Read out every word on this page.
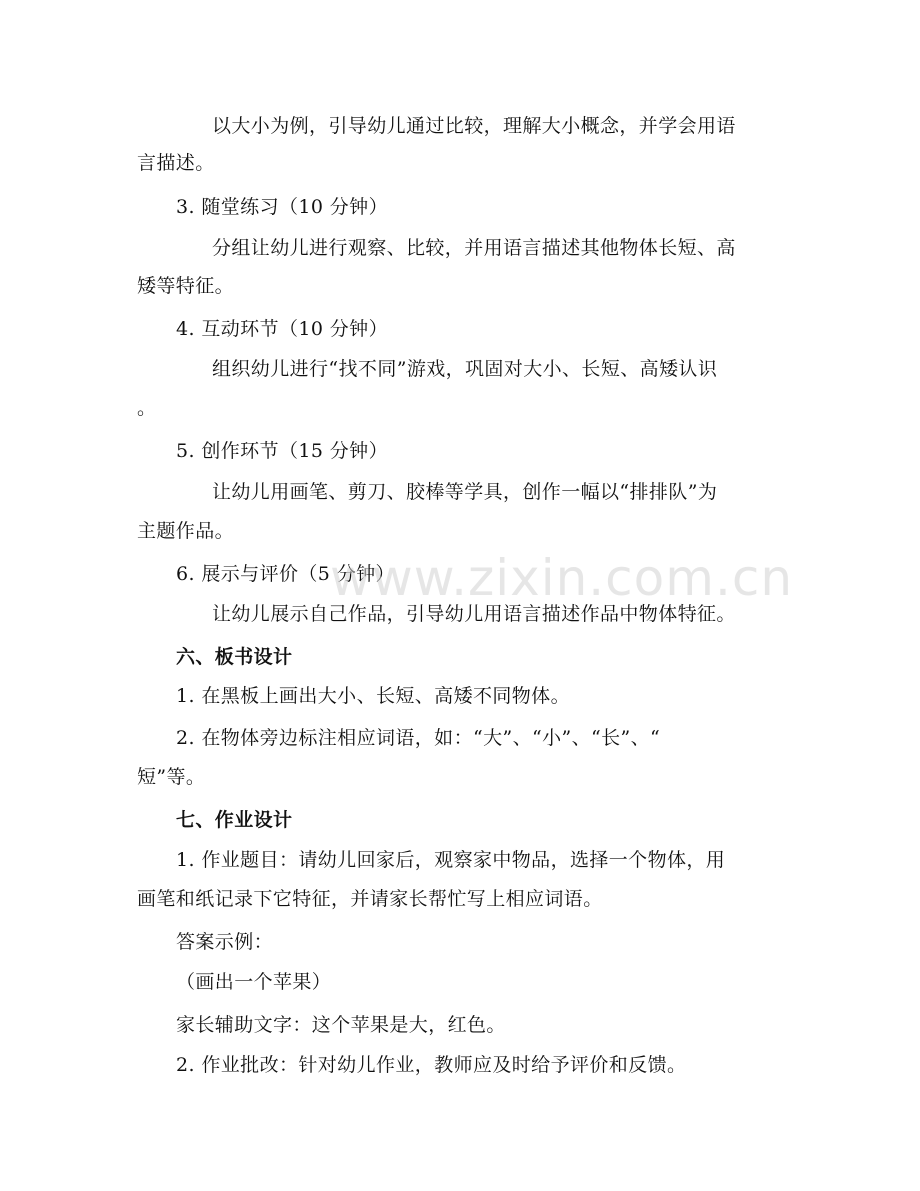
以大小为例，引导幼儿通过比较，理解大小概念，并学会用语
言描述。
3. 随堂练习（10 分钟）
分组让幼儿进行观察、比较，并用语言描述其他物体长短、高
矮等特征。
4. 互动环节（10 分钟）
组织幼儿进行“找不同”游戏，巩固对大小、长短、高矮认识
。
5. 创作环节（15 分钟）
让幼儿用画笔、剪刀、胶棒等学具，创作一幅以“排排队”为
主题作品。
6. 展示与评价（5 分钟）
让幼儿展示自己作品，引导幼儿用语言描述作品中物体特征。
六、板书设计
1. 在黑板上画出大小、长短、高矮不同物体。
2. 在物体旁边标注相应词语，如：“大”、“小”、“长”、“
短”等。
七、作业设计
1. 作业题目：请幼儿回家后，观察家中物品，选择一个物体，用
画笔和纸记录下它特征，并请家长帮忙写上相应词语。
答案示例：
（画出一个苹果）
家长辅助文字：这个苹果是大，红色。
2. 作业批改：针对幼儿作业，教师应及时给予评价和反馈。
www.zixin.com.cn
